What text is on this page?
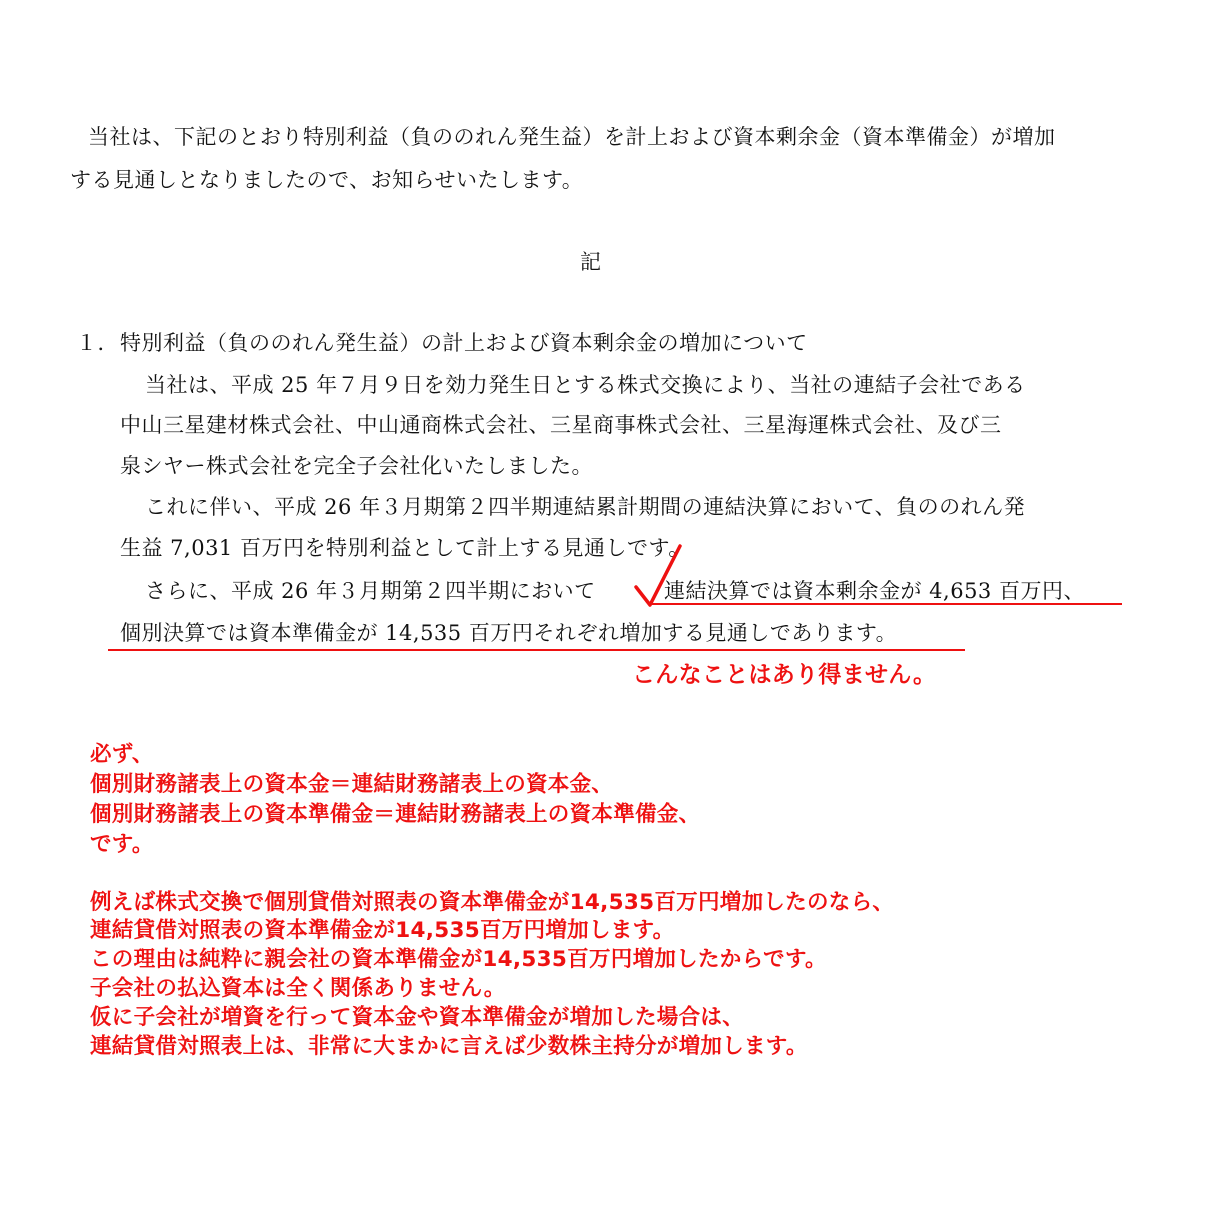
当社は、下記のとおり特別利益（負ののれん発生益）を計上および資本剰余金（資本準備金）が増加
する見通しとなりましたので、お知らせいたします。
記
１． 特別利益（負ののれん発生益）の計上および資本剰余金の増加について
当社は、平成 25 年７月９日を効力発生日とする株式交換により、当社の連結子会社である
中山三星建材株式会社、中山通商株式会社、三星商事株式会社、三星海運株式会社、及び三
泉シヤー株式会社を完全子会社化いたしました。
これに伴い、平成 26 年３月期第２四半期連結累計期間の連結決算において、負ののれん発
生益 7,031 百万円を特別利益として計上する見通しです。
さらに、平成 26 年３月期第２四半期において	連結決算では資本剰余金が 4,653 百万円、
個別決算では資本準備金が 14,535 百万円それぞれ増加する見通しであります。
こんなことはあり得ません。
必ず、
個別財務諸表上の資本金＝連結財務諸表上の資本金、
個別財務諸表上の資本準備金＝連結財務諸表上の資本準備金、
です。
例えば株式交換で個別貸借対照表の資本準備金が14,535百万円増加したのなら、
連結貸借対照表の資本準備金が14,535百万円増加します。
この理由は純粋に親会社の資本準備金が14,535百万円増加したからです。
子会社の払込資本は全く関係ありません。
仮に子会社が増資を行って資本金や資本準備金が増加した場合は、
連結貸借対照表上は、非常に大まかに言えば少数株主持分が増加します。
